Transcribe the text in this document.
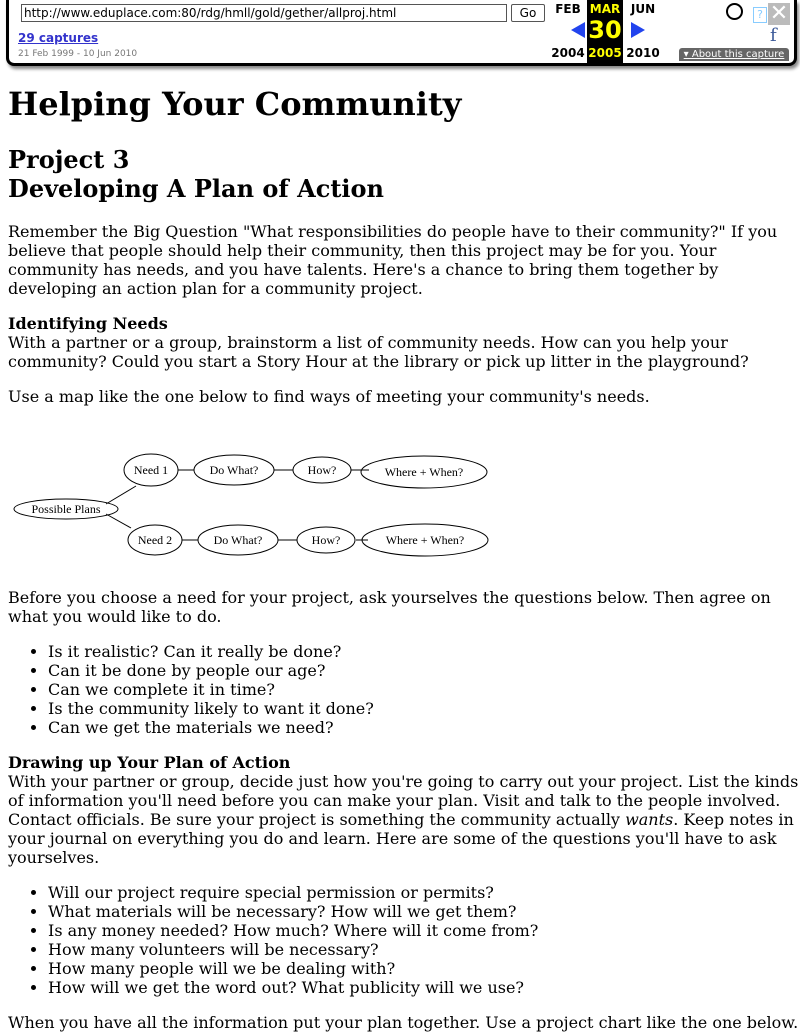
http://www.eduplace.com:80/rdg/hmll/gold/gether/allproj.html	Go
29 captures
21 Feb 1999 - 10 Jun 2010
FEB
2004
MAR
30
2005
JUN
2010
? ✕
f
▾ About this capture
Helping Your Community
Project 3
Developing A Plan of Action

Remember the Big Question "What responsibilities do people have to their community?" If you believe that people should help their community, then this project may be for you. Your community has needs, and you have talents. Here's a chance to bring them together by developing an action plan for a community project.

Identifying Needs
With a partner or a group, brainstorm a list of community needs. How can you help your community? Could you start a Story Hour at the library or pick up litter in the playground?

Use a map like the one below to find ways of meeting your community's needs.

Possible Plans
Need 1	Do What?	How?	Where + When?
Need 2	Do What?	How?	Where + When?

Before you choose a need for your project, ask yourselves the questions below. Then agree on what you would like to do.

• Is it realistic? Can it really be done?
• Can it be done by people our age?
• Can we complete it in time?
• Is the community likely to want it done?
• Can we get the materials we need?

Drawing up Your Plan of Action
With your partner or group, decide just how you're going to carry out your project. List the kinds of information you'll need before you can make your plan. Visit and talk to the people involved. Contact officials. Be sure your project is something the community actually wants. Keep notes in your journal on everything you do and learn. Here are some of the questions you'll have to ask yourselves.

• Will our project require special permission or permits?
• What materials will be necessary? How will we get them?
• Is any money needed? How much? Where will it come from?
• How many volunteers will be necessary?
• How many people will we be dealing with?
• How will we get the word out? What publicity will we use?

When you have all the information put your plan together. Use a project chart like the one below.
